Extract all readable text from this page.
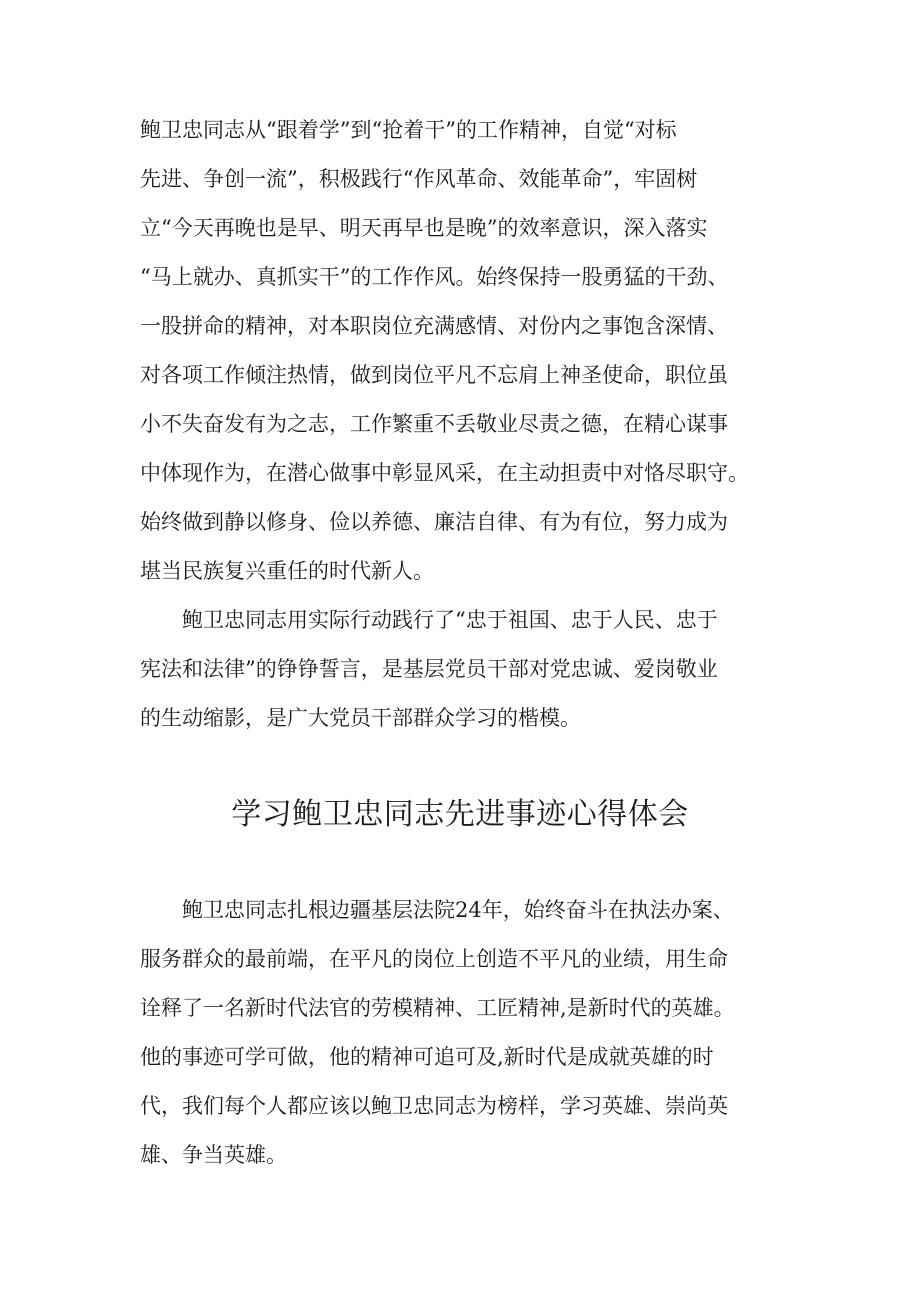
鲍卫忠同志从“跟着学”到“抢着干”的工作精神，自觉“对标
先进、争创一流”，积极践行“作风革命、效能革命”，牢固树
立“今天再晚也是早、明天再早也是晚”的效率意识，深入落实
“马上就办、真抓实干”的工作作风。始终保持一股勇猛的干劲、
一股拼命的精神，对本职岗位充满感情、对份内之事饱含深情、
对各项工作倾注热情，做到岗位平凡不忘肩上神圣使命，职位虽
小不失奋发有为之志，工作繁重不丢敬业尽责之德，在精心谋事
中体现作为，在潜心做事中彰显风采，在主动担责中对恪尽职守。
始终做到静以修身、俭以养德、廉洁自律、有为有位，努力成为
堪当民族复兴重任的时代新人。
　　鲍卫忠同志用实际行动践行了“忠于祖国、忠于人民、忠于
宪法和法律”的铮铮誓言，是基层党员干部对党忠诚、爱岗敬业
的生动缩影，是广大党员干部群众学习的楷模。
学习鲍卫忠同志先进事迹心得体会
　　鲍卫忠同志扎根边疆基层法院24年，始终奋斗在执法办案、
服务群众的最前端，在平凡的岗位上创造不平凡的业绩，用生命
诠释了一名新时代法官的劳模精神、工匠精神,是新时代的英雄。
他的事迹可学可做，他的精神可追可及,新时代是成就英雄的时
代，我们每个人都应该以鲍卫忠同志为榜样，学习英雄、崇尚英
雄、争当英雄。
